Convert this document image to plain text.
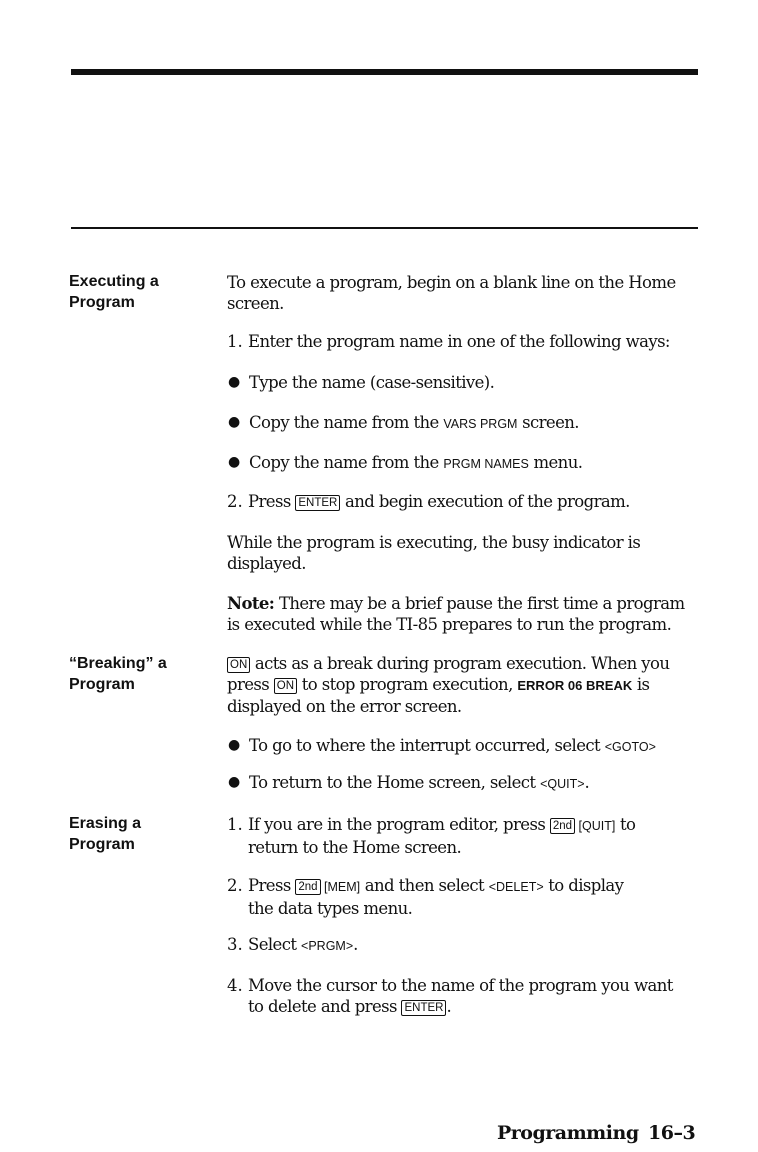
Executing a
Program
To execute a program, begin on a blank line on the Home
screen.
1. Enter the program name in one of the following ways:
● Type the name (case-sensitive).
● Copy the name from the VARS PRGM screen.
● Copy the name from the PRGM NAMES menu.
2. Press ENTER and begin execution of the program.
While the program is executing, the busy indicator is
displayed.
Note: There may be a brief pause the first time a program
is executed while the TI-85 prepares to run the program.
“Breaking” a
Program
ON acts as a break during program execution. When you
press ON to stop program execution, ERROR 06 BREAK is
displayed on the error screen.
● To go to where the interrupt occurred, select <GOTO>
● To return to the Home screen, select <QUIT>.
Erasing a
Program
1. If you are in the program editor, press 2nd [QUIT] to
return to the Home screen.
2. Press 2nd [MEM] and then select <DELET> to display
the data types menu.
3. Select <PRGM>.
4. Move the cursor to the name of the program you want
to delete and press ENTER .
Programming 16–3
